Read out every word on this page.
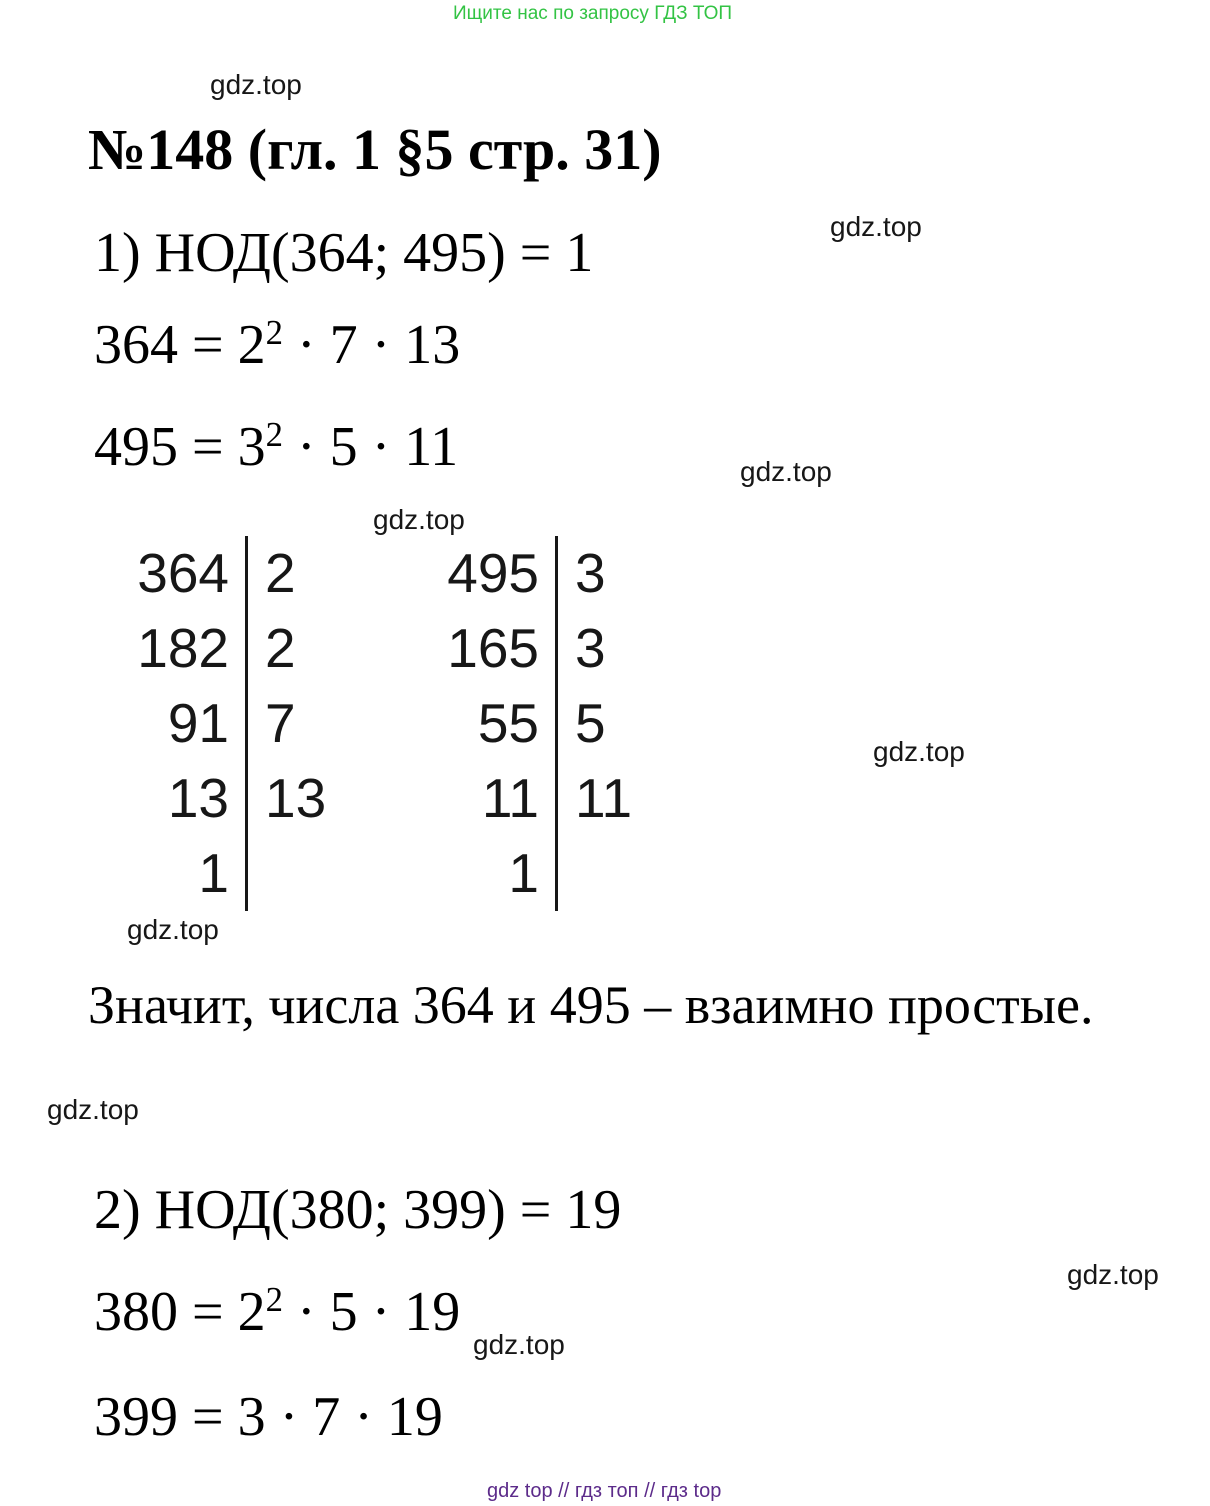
Ищите нас по запросу ГДЗ ТОП
gdz.top
gdz.top
gdz.top
gdz.top
gdz.top
gdz.top
gdz.top
gdz.top
gdz.top
№148 (гл. 1 §5 стр. 31)
1) НОД(364; 495) = 1
$364 = 2^2 \cdot 7 \cdot 13$
$495 = 3^2 \cdot 5 \cdot 11$
364
182
91
13
1
2
2
7
13
495
165
55
11
1
3
3
5
11
Значит, числа 364 и 495 – взаимно простые.
2) НОД(380; 399) = 19
$380 = 2^2 \cdot 5 \cdot 19$
399 = 3 · 7 · 19
gdz top // гдз топ // гдз top
